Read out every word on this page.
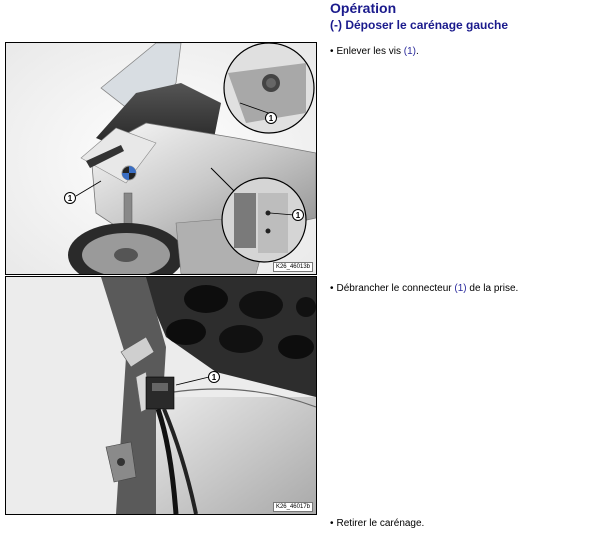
Opération
(-) Déposer le carénage gauche
• Enlever les vis (1).
• Débrancher le connecteur (1) de la prise.
• Retirer le carénage.
1
1
1
K26_46013b
1
K26_46017b
